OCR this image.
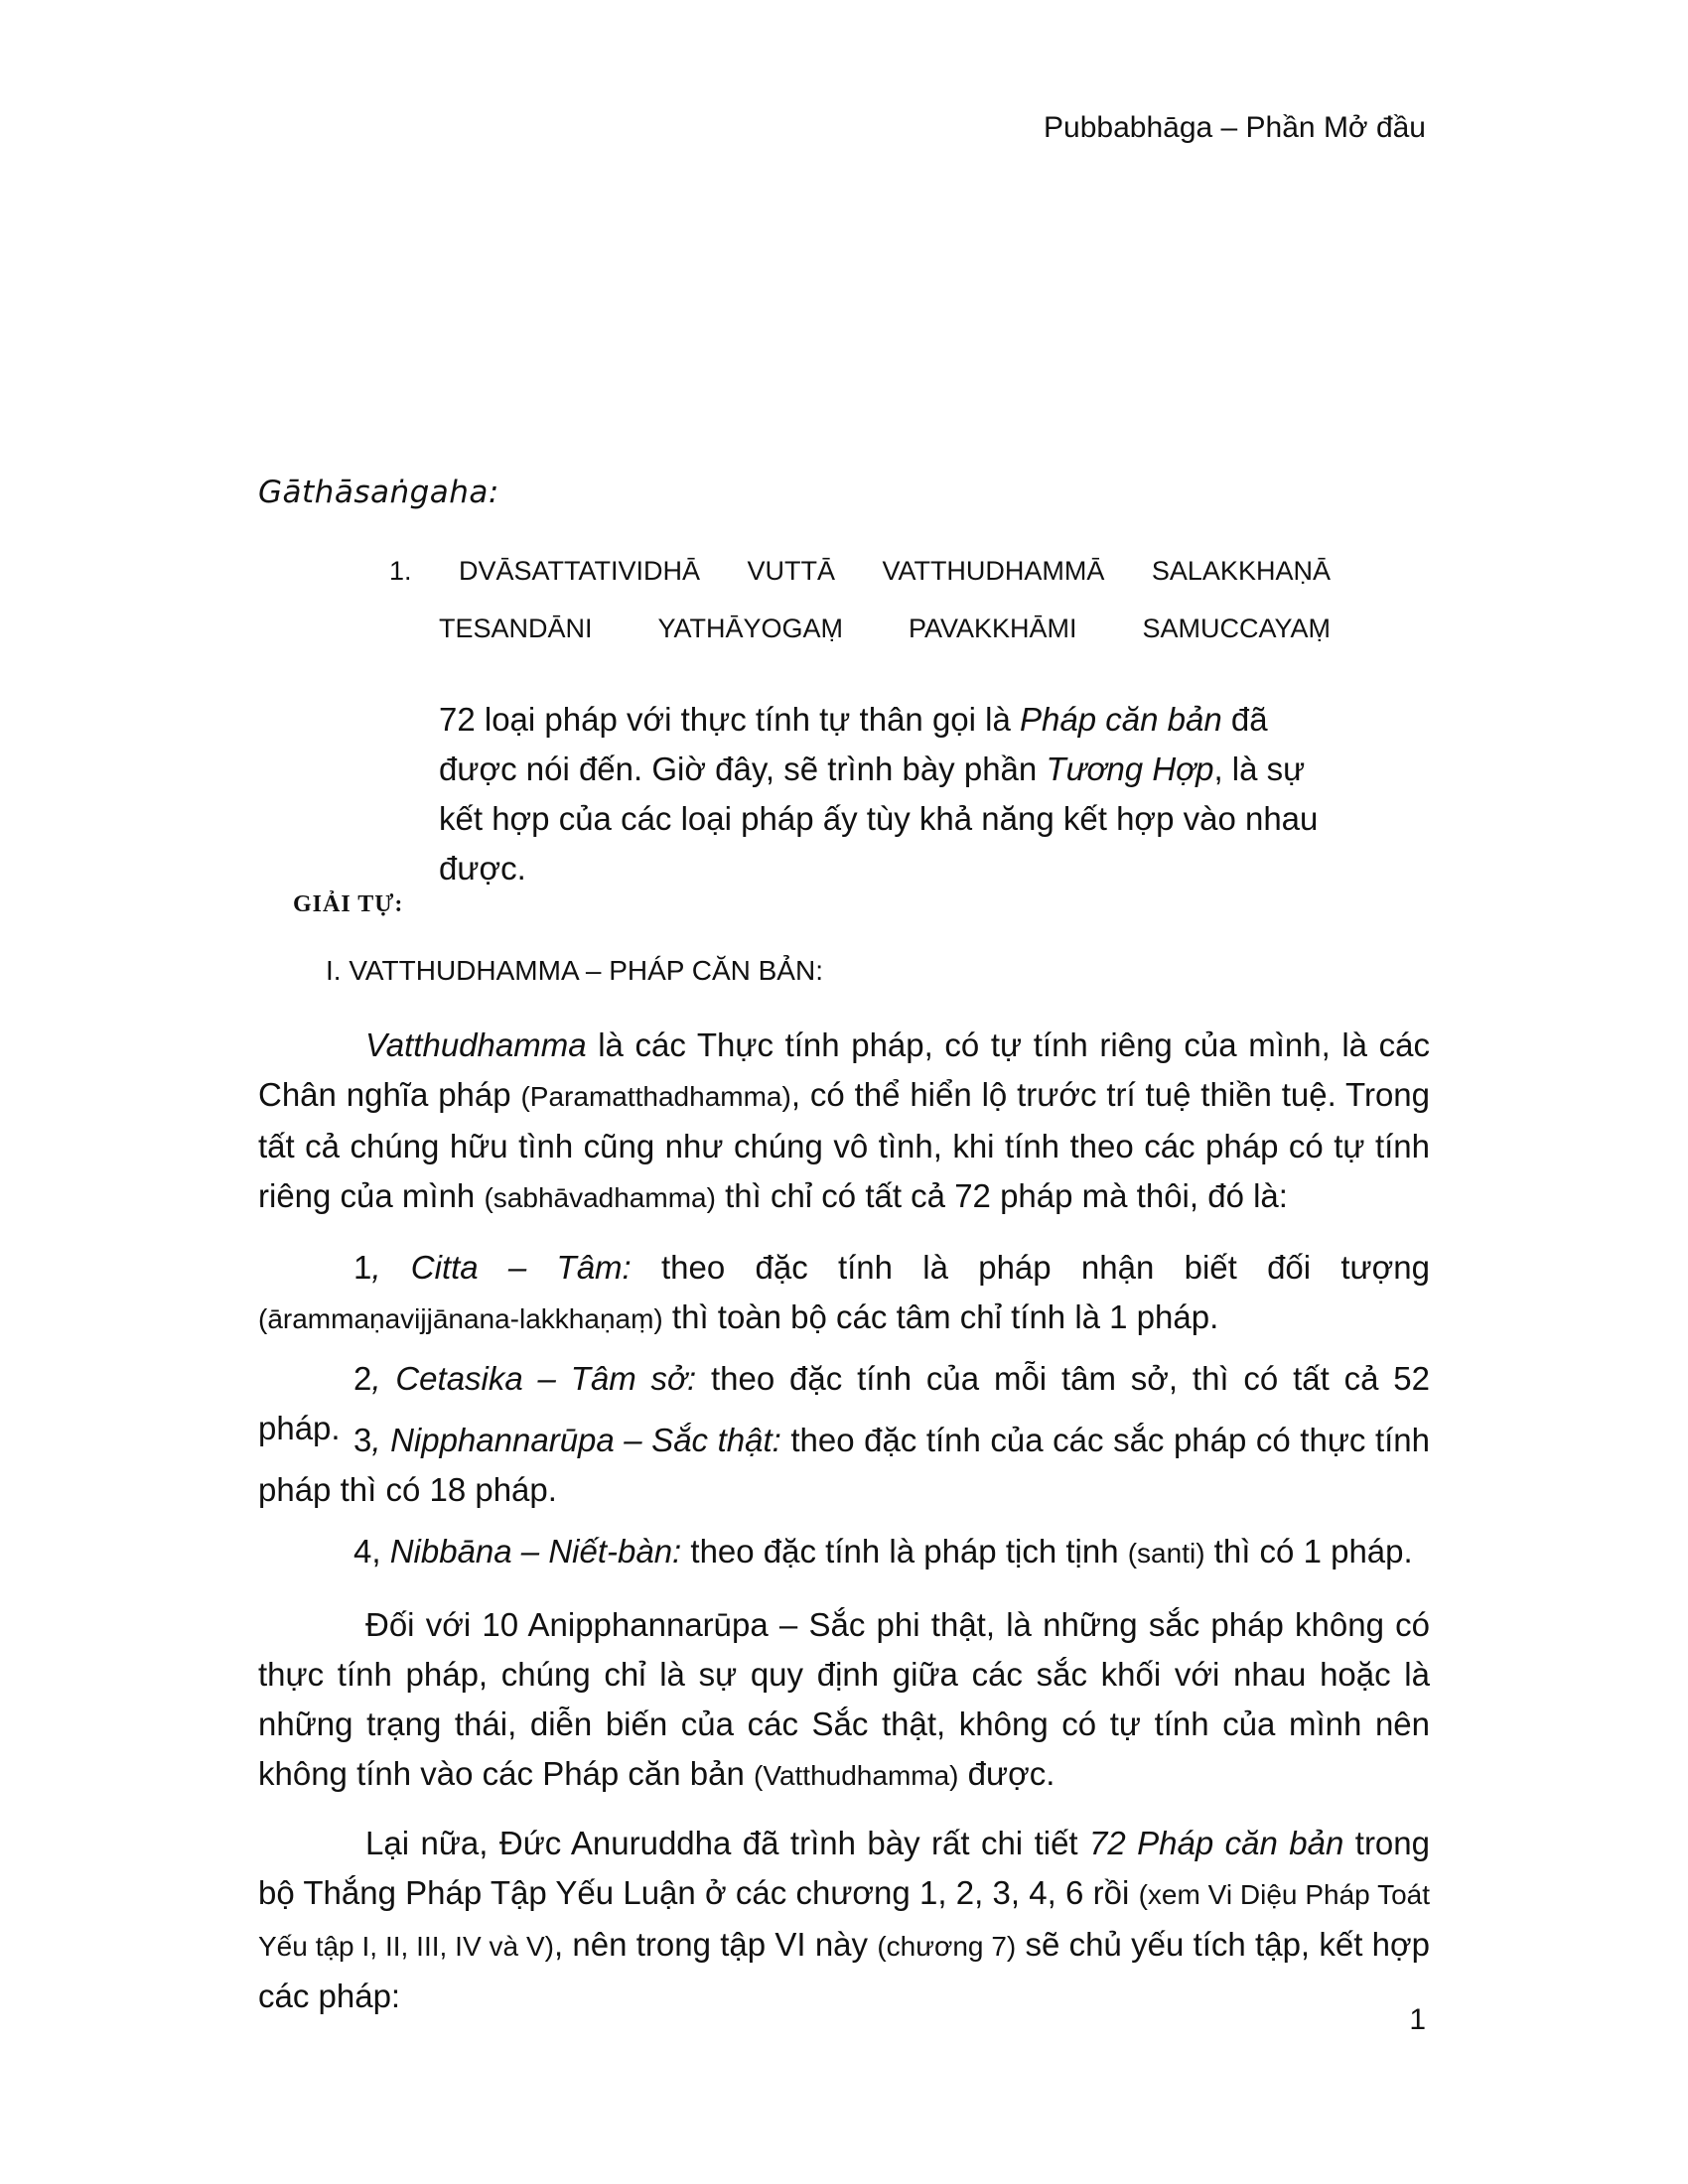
Pubbabhāga – Phần Mở đầu
Gāthāsaṅgaha:
1. DVĀSATTATIVIDHĀ VUTTĀ VATTHUDHAMMĀ SALAKKHAṆĀ
TESANDĀNI YATHĀYOGAṂ PAVAKKHĀMI SAMUCCAYAṂ
72 loại pháp với thực tính tự thân gọi là Pháp căn bản đã được nói đến. Giờ đây, sẽ trình bày phần Tương Hợp, là sự kết hợp của các loại pháp ấy tùy khả năng kết hợp vào nhau được.
GIẢI TỰ:
I. VATTHUDHAMMA – PHÁP CĂN BẢN:
Vatthudhamma là các Thực tính pháp, có tự tính riêng của mình, là các Chân nghĩa pháp (Paramatthadhamma), có thể hiển lộ trước trí tuệ thiền tuệ. Trong tất cả chúng hữu tình cũng như chúng vô tình, khi tính theo các pháp có tự tính riêng của mình (sabhāvadhamma) thì chỉ có tất cả 72 pháp mà thôi, đó là:
1, Citta – Tâm: theo đặc tính là pháp nhận biết đối tượng (ārammaṇavijjānana-lakkhaṇaṃ) thì toàn bộ các tâm chỉ tính là 1 pháp.
2, Cetasika – Tâm sở: theo đặc tính của mỗi tâm sở, thì có tất cả 52 pháp. 3, Nipphannarūpa – Sắc thật: theo đặc tính của các sắc pháp có thực tính pháp thì có 18 pháp.
4, Nibbāna – Niết-bàn: theo đặc tính là pháp tịch tịnh (santi) thì có 1 pháp.
Đối với 10 Anipphannarūpa – Sắc phi thật, là những sắc pháp không có thực tính pháp, chúng chỉ là sự quy định giữa các sắc khối với nhau hoặc là những trạng thái, diễn biến của các Sắc thật, không có tự tính của mình nên không tính vào các Pháp căn bản (Vatthudhamma) được.
Lại nữa, Đức Anuruddha đã trình bày rất chi tiết 72 Pháp căn bản trong bộ Thắng Pháp Tập Yếu Luận ở các chương 1, 2, 3, 4, 6 rồi (xem Vi Diệu Pháp Toát Yếu tập I, II, III, IV và V), nên trong tập VI này (chương 7) sẽ chủ yếu tích tập, kết hợp các pháp:
1
